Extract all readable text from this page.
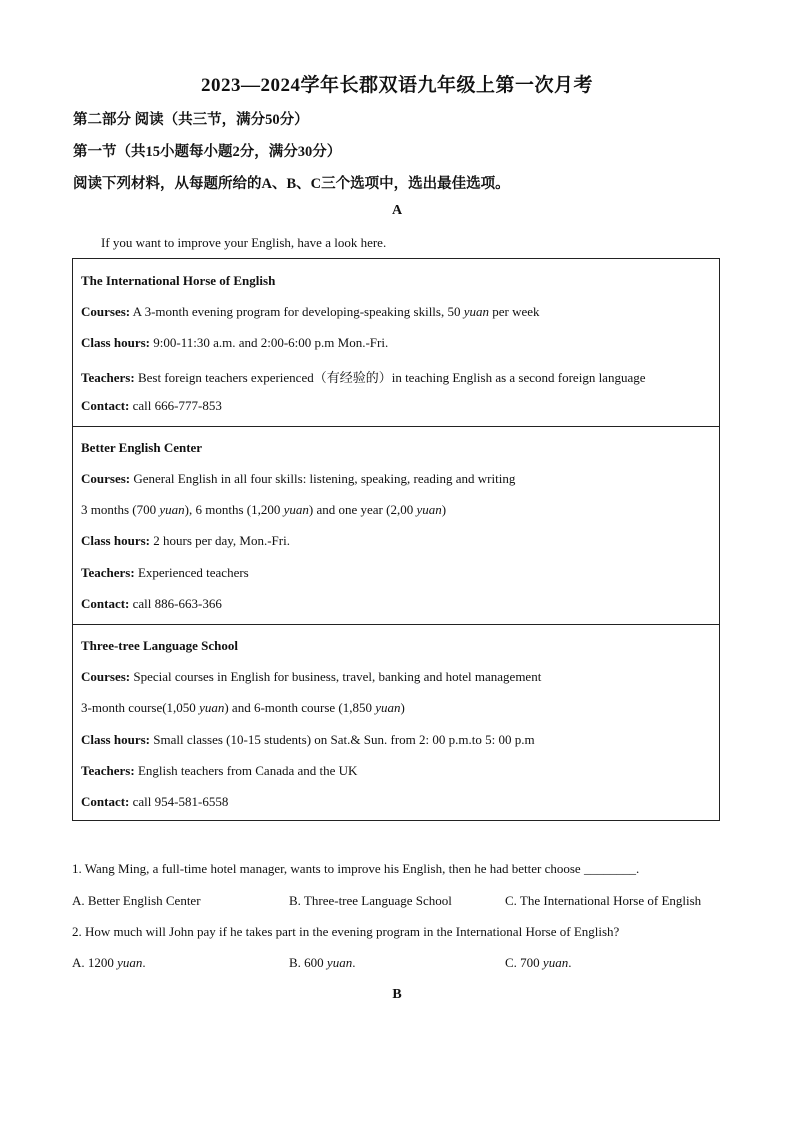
2023—2024学年长郡双语九年级上第一次月考
第二部分 阅读（共三节，满分50分）
第一节（共15小题每小题2分，满分30分）
阅读下列材料，从每题所给的A、B、C三个选项中，选出最佳选项。
A
If you want to improve your English, have a look here.
The International Horse of English
Courses: A 3-month evening program for developing-speaking skills, 50 yuan per week
Class hours: 9:00-11:30 a.m. and 2:00-6:00 p.m Mon.-Fri.
Teachers: Best foreign teachers experienced（有经验的）in teaching English as a second foreign language
Contact: call 666-777-853
Better English Center
Courses: General English in all four skills: listening, speaking, reading and writing
3 months (700 yuan), 6 months (1,200 yuan) and one year (2,00 yuan)
Class hours: 2 hours per day, Mon.-Fri.
Teachers: Experienced teachers
Contact: call 886-663-366
Three-tree Language School
Courses: Special courses in English for business, travel, banking and hotel management
3-month course(1,050 yuan) and 6-month course (1,850 yuan)
Class hours: Small classes (10-15 students) on Sat.& Sun. from 2: 00 p.m.to 5: 00 p.m
Teachers: English teachers from Canada and the UK
Contact: call 954-581-6558
1. Wang Ming, a full-time hotel manager, wants to improve his English, then he had better choose ________.
A. Better English Center	B. Three-tree Language School	C. The International Horse of English
2. How much will John pay if he takes part in the evening program in the International Horse of English?
A. 1200 yuan.	B. 600 yuan.	C. 700 yuan.
B
